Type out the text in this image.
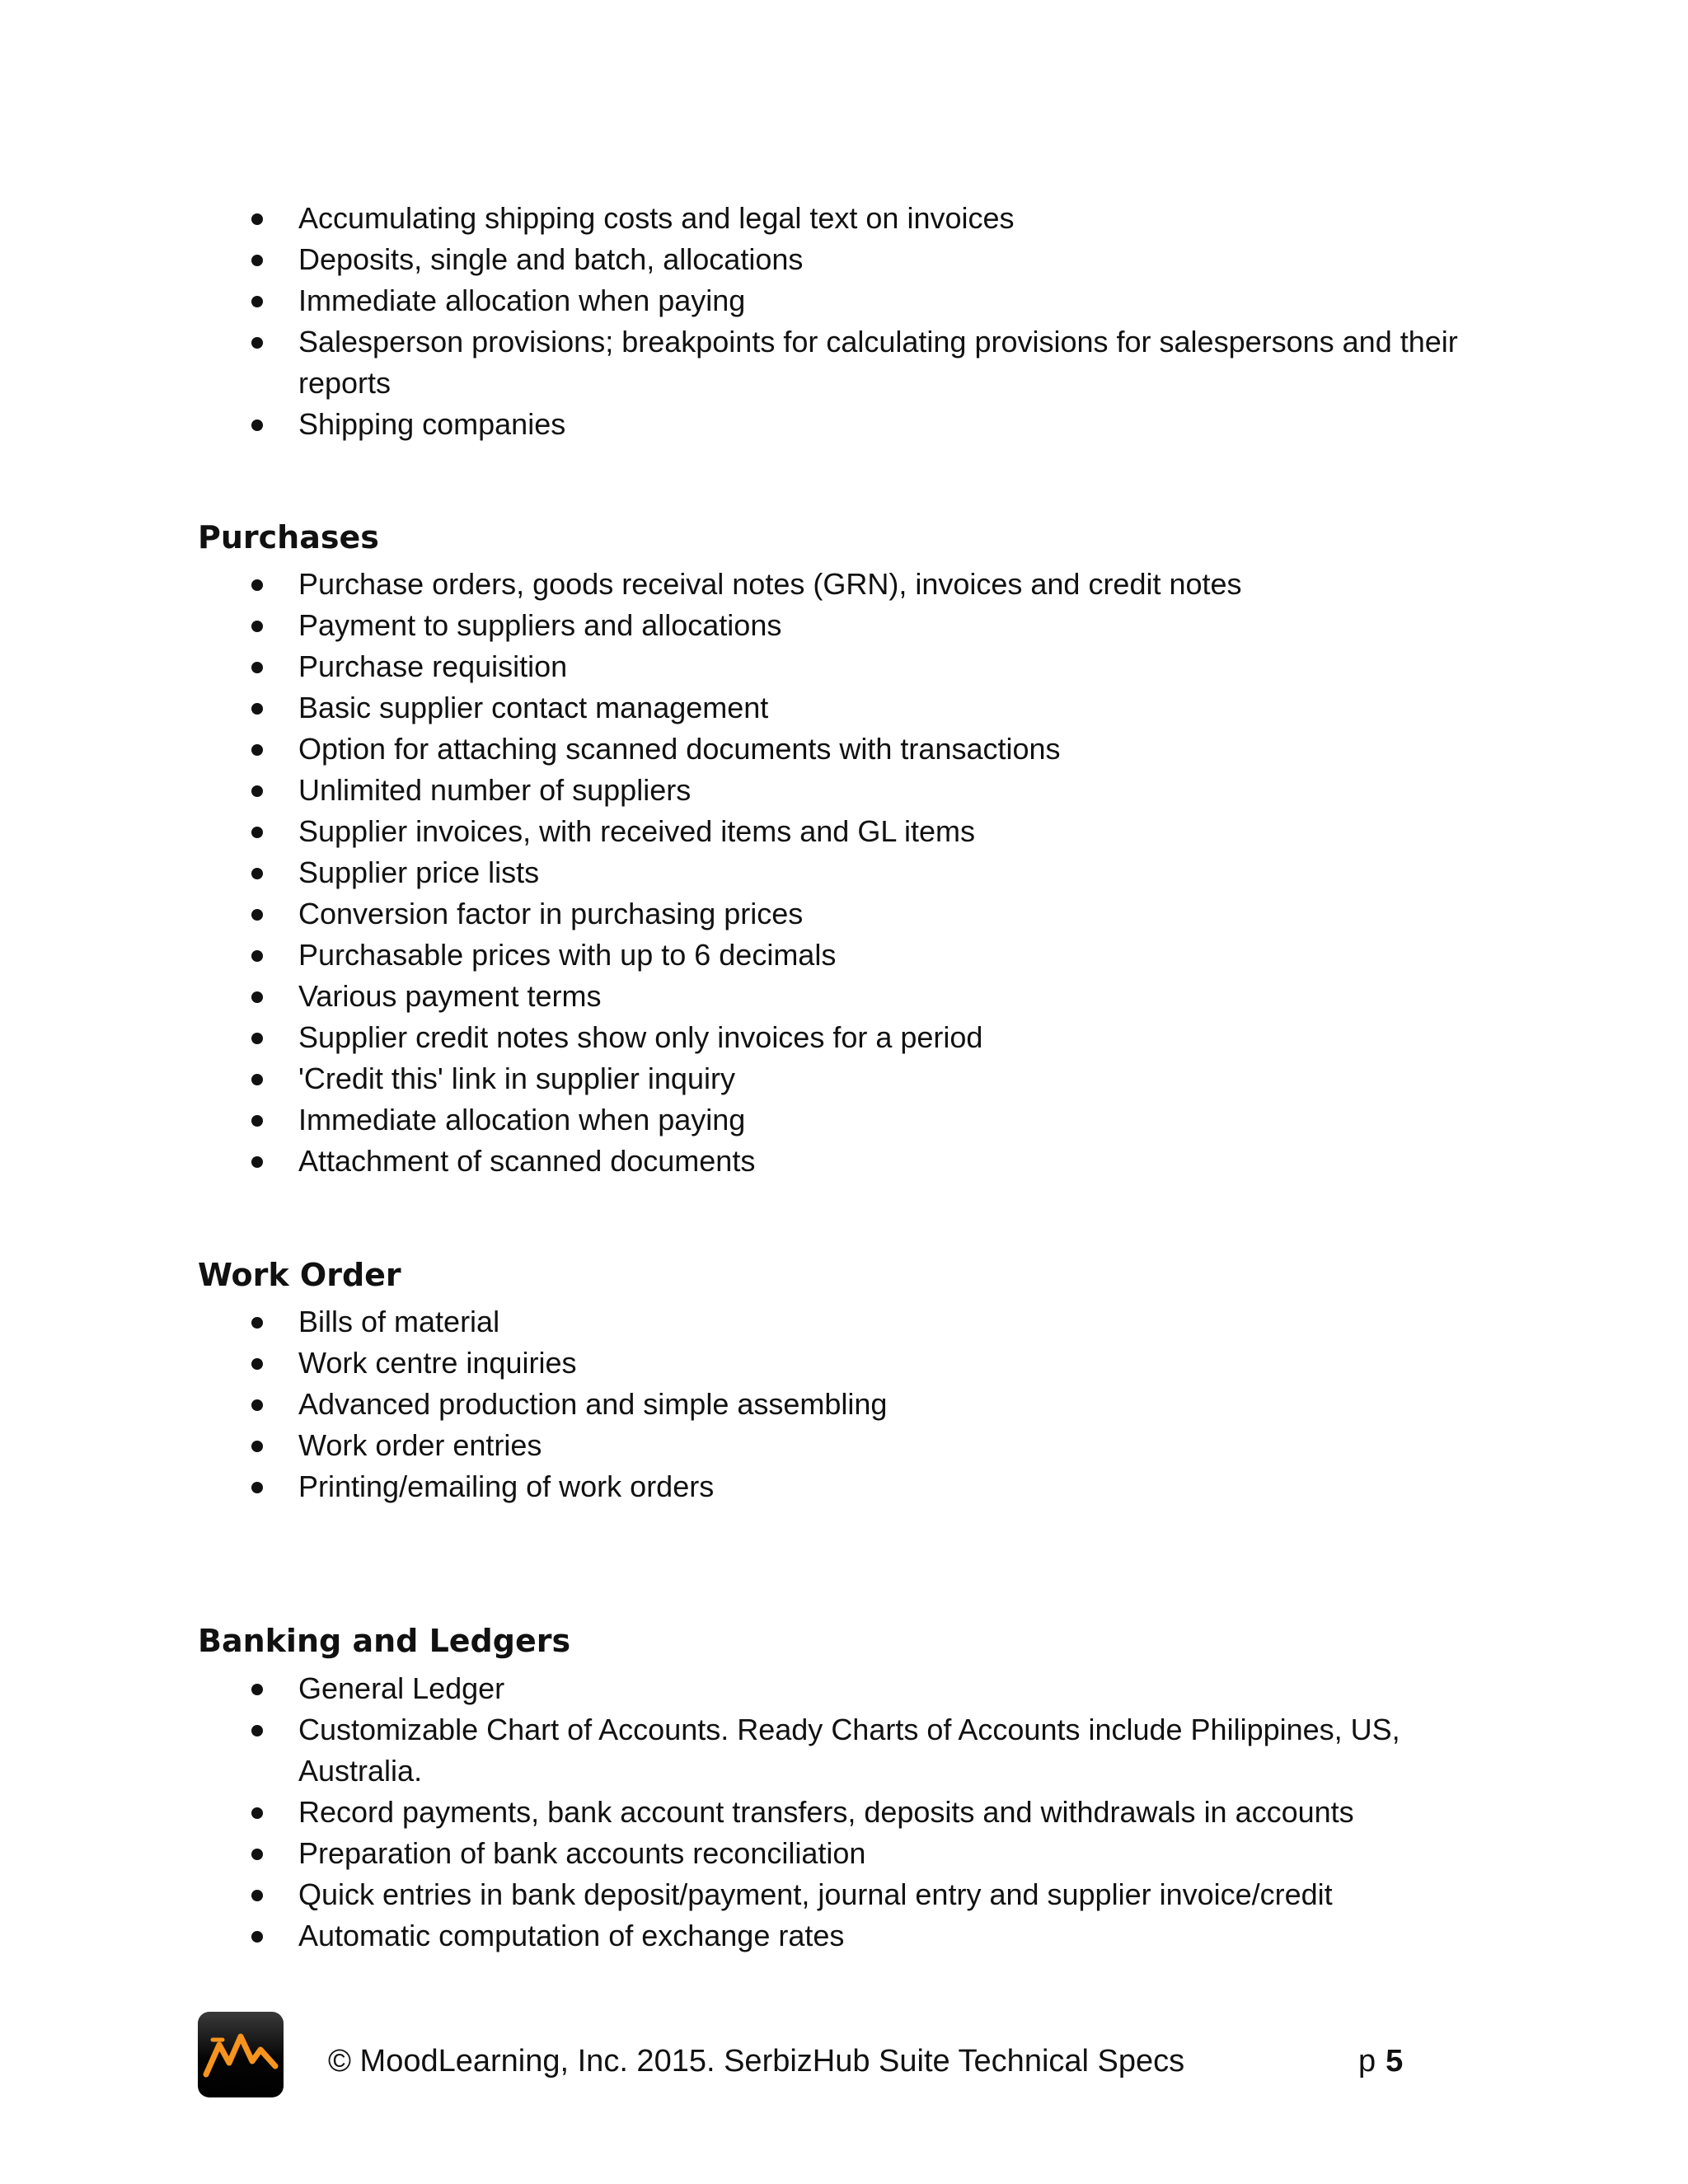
Accumulating shipping costs and legal text on invoices
Deposits, single and batch, allocations
Immediate allocation when paying
Salesperson provisions; breakpoints for calculating provisions for salespersons and their reports
Shipping companies
Purchases
Purchase orders, goods receival notes (GRN), invoices and credit notes
Payment to suppliers and allocations
Purchase requisition
Basic supplier contact management
Option for attaching scanned documents with transactions
Unlimited number of suppliers
Supplier invoices, with received items and GL items
Supplier price lists
Conversion factor in purchasing prices
Purchasable prices with up to 6 decimals
Various payment terms
Supplier credit notes show only invoices for a period
'Credit this' link in supplier inquiry
Immediate allocation when paying
Attachment of scanned documents
Work Order
Bills of material
Work centre inquiries
Advanced production and simple assembling
Work order entries
Printing/emailing of work orders
Banking and Ledgers
General Ledger
Customizable Chart of Accounts. Ready Charts of Accounts include Philippines, US, Australia.
Record payments, bank account transfers, deposits and withdrawals in accounts
Preparation of bank accounts reconciliation
Quick entries in bank deposit/payment, journal entry and supplier invoice/credit
Automatic computation of exchange rates
© MoodLearning, Inc. 2015. SerbizHub Suite Technical Specs	p 5
